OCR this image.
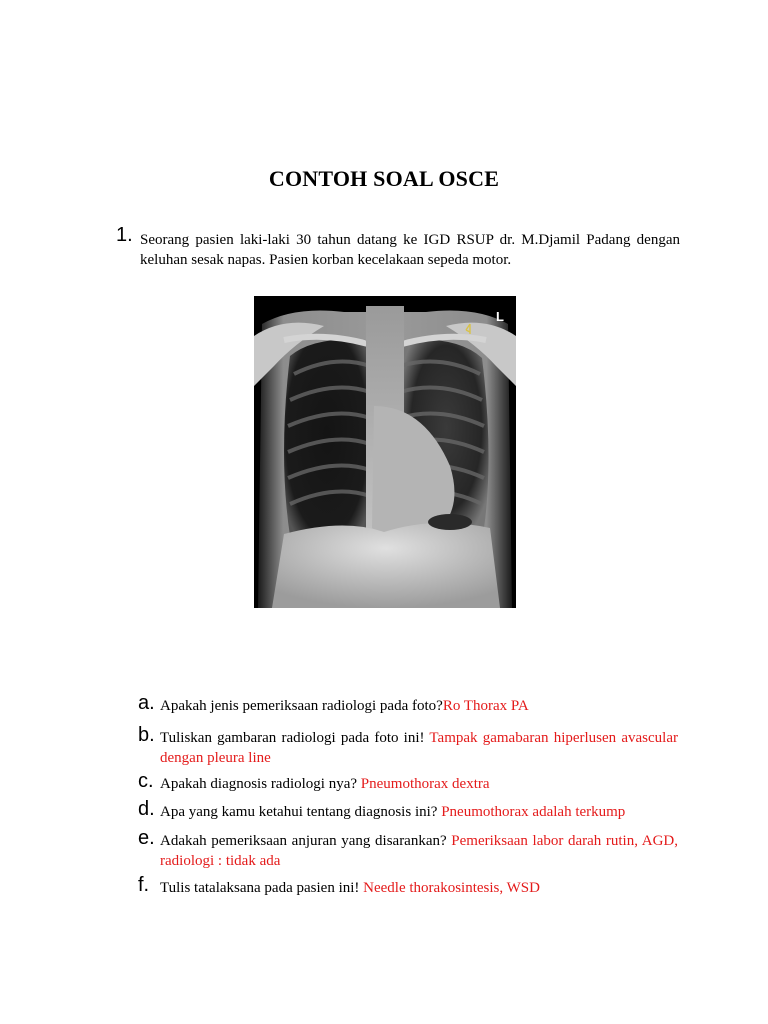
CONTOH SOAL OSCE
1. Seorang pasien laki-laki 30 tahun datang ke IGD RSUP dr. M.Djamil Padang dengan keluhan sesak napas. Pasien korban kecelakaan sepeda motor.
L
a. Apakah jenis pemeriksaan radiologi pada foto?Ro Thorax PA
b. Tuliskan gambaran radiologi pada foto ini! Tampak gamabaran hiperlusen avascular dengan pleura line
c. Apakah diagnosis radiologi nya? Pneumothorax dextra
d. Apa yang kamu ketahui tentang diagnosis ini? Pneumothorax adalah terkump
e. Adakah pemeriksaan anjuran yang disarankan? Pemeriksaan labor darah rutin, AGD, radiologi : tidak ada
f. Tulis tatalaksana pada pasien ini! Needle thorakosintesis, WSD
